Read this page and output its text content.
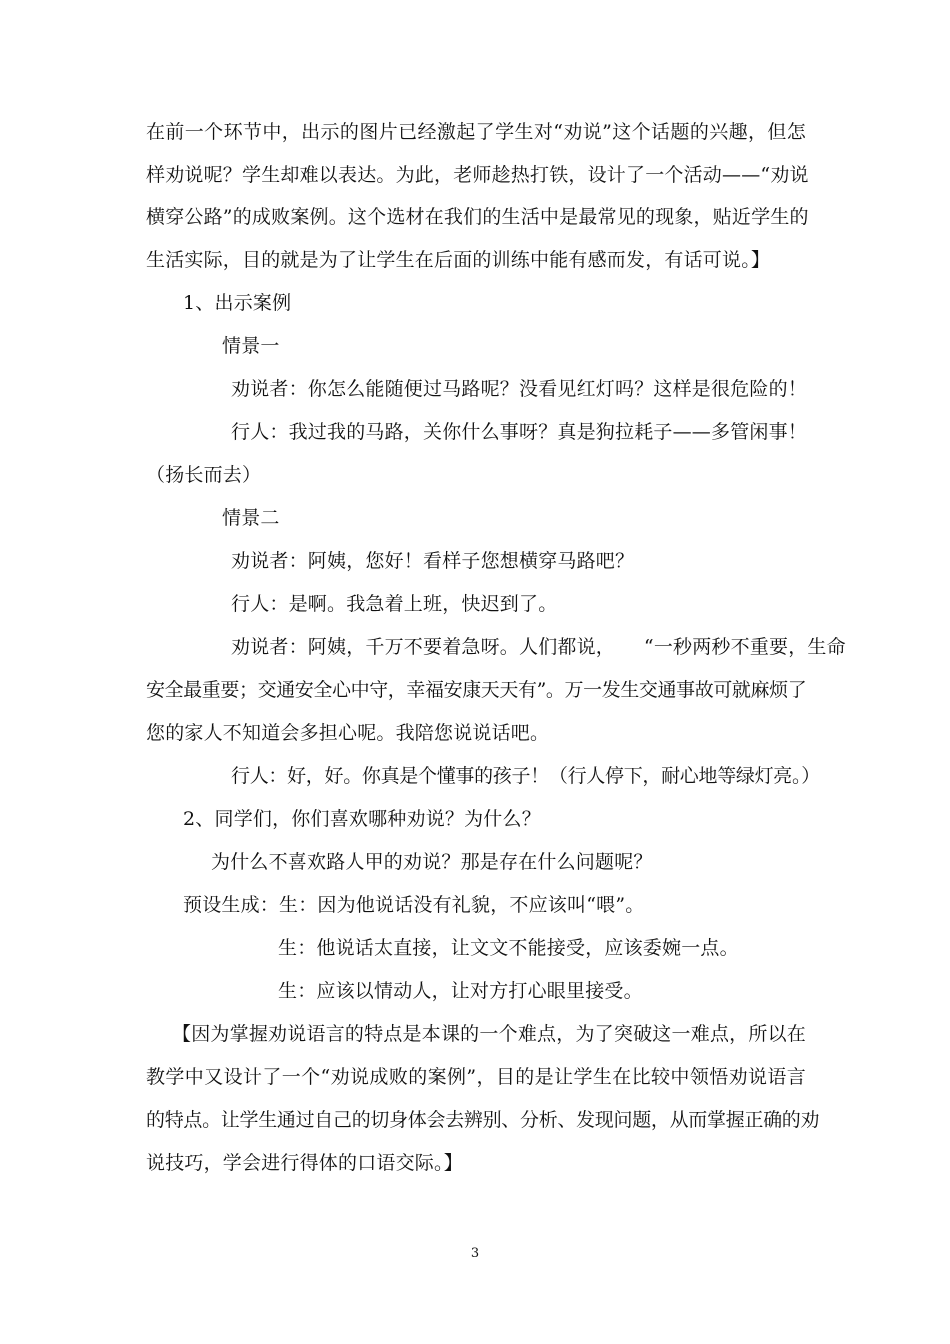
在前一个环节中，出示的图片已经激起了学生对“劝说”这个话题的兴趣，但怎
样劝说呢？学生却难以表达。为此，老师趁热打铁，设计了一个活动——“劝说
横穿公路”的成败案例。这个选材在我们的生活中是最常见的现象，贴近学生的
生活实际，目的就是为了让学生在后面的训练中能有感而发，有话可说。】
1、出示案例
情景一
劝说者：你怎么能随便过马路呢？没看见红灯吗？这样是很危险的！
行人：我过我的马路，关你什么事呀？真是狗拉耗子——多管闲事！
（扬长而去）
情景二
劝说者：阿姨，您好！看样子您想横穿马路吧？
行人：是啊。我急着上班，快迟到了。
劝说者：阿姨，千万不要着急呀。人们都说，　　“一秒两秒不重要，生命
安全最重要；交通安全心中守，幸福安康天天有”。万一发生交通事故可就麻烦了
您的家人不知道会多担心呢。我陪您说说话吧。
行人：好，好。你真是个懂事的孩子！（行人停下，耐心地等绿灯亮。）
2、同学们，你们喜欢哪种劝说？为什么？
为什么不喜欢路人甲的劝说？那是存在什么问题呢？
预设生成：生：因为他说话没有礼貌，不应该叫“喂”。
生：他说话太直接，让文文不能接受，应该委婉一点。
生：应该以情动人，让对方打心眼里接受。
【因为掌握劝说语言的特点是本课的一个难点，为了突破这一难点，所以在
教学中又设计了一个“劝说成败的案例”，目的是让学生在比较中领悟劝说语言
的特点。让学生通过自己的切身体会去辨别、分析、发现问题，从而掌握正确的劝
说技巧，学会进行得体的口语交际。】
3
